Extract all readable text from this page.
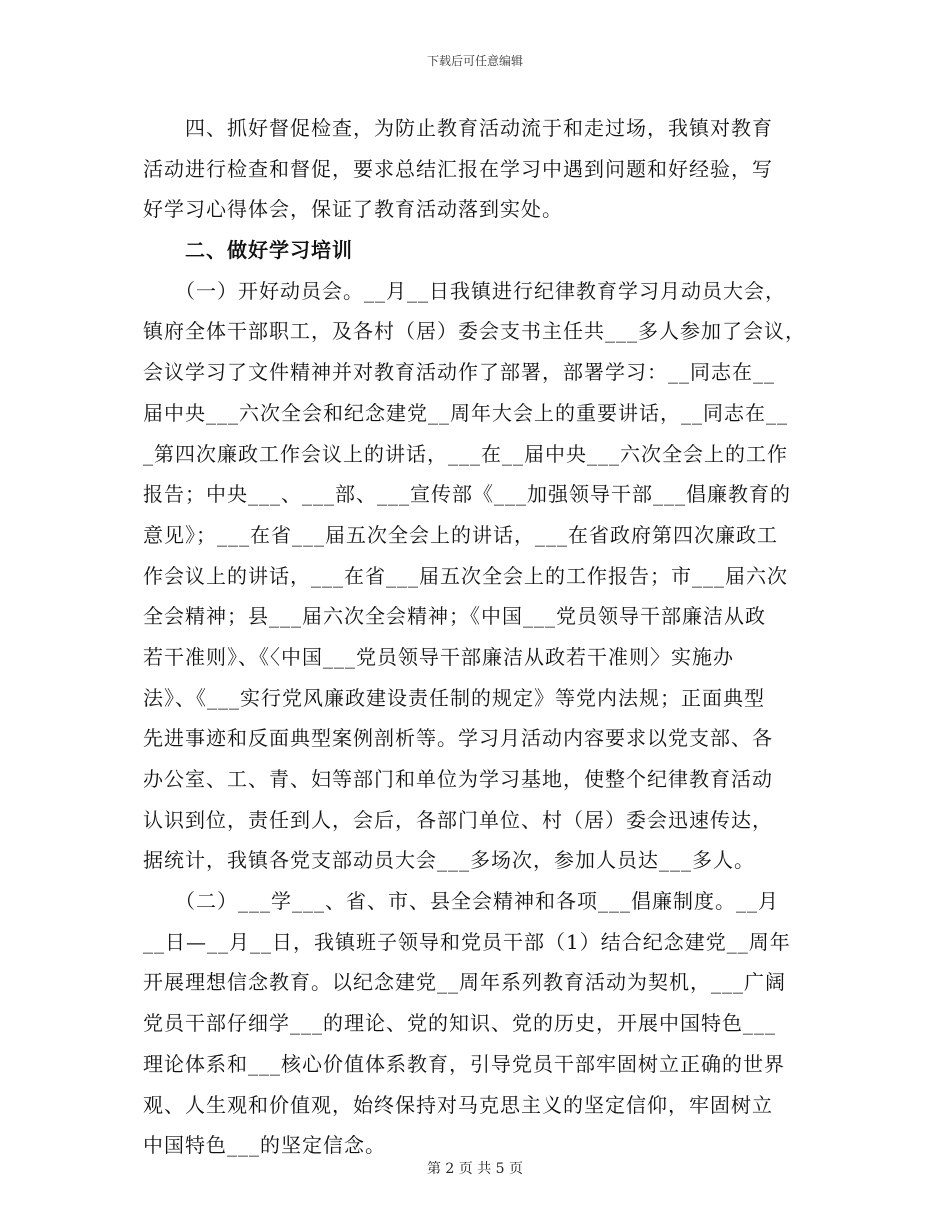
下载后可任意编辑
　　四、抓好督促检查，为防止教育活动流于和走过场，我镇对教育
活动进行检查和督促，要求总结汇报在学习中遇到问题和好经验，写
好学习心得体会，保证了教育活动落到实处。
　　二、做好学习培训
　　（一）开好动员会。__月__日我镇进行纪律教育学习月动员大会，
镇府全体干部职工，及各村（居）委会支书主任共___多人参加了会议，
会议学习了文件精神并对教育活动作了部署，部署学习：__同志在__
届中央___六次全会和纪念建党__周年大会上的重要讲话，__同志在__
_第四次廉政工作会议上的讲话，___在__届中央___六次全会上的工作
报告；中央___、___部、___宣传部《___加强领导干部___倡廉教育的
意见》；___在省___届五次全会上的讲话，___在省政府第四次廉政工
作会议上的讲话，___在省___届五次全会上的工作报告；市___届六次
全会精神；县___届六次全会精神；《中国___党员领导干部廉洁从政
若干准则》、《〈中国___党员领导干部廉洁从政若干准则〉实施办
法》、《___实行党风廉政建设责任制的规定》等党内法规；正面典型
先进事迹和反面典型案例剖析等。学习月活动内容要求以党支部、各
办公室、工、青、妇等部门和单位为学习基地，使整个纪律教育活动
认识到位，责任到人，会后，各部门单位、村（居）委会迅速传达，
据统计，我镇各党支部动员大会___多场次，参加人员达___多人。
　　（二）___学___、省、市、县全会精神和各项___倡廉制度。__月
__日—__月__日，我镇班子领导和党员干部（1）结合纪念建党__周年
开展理想信念教育。以纪念建党__周年系列教育活动为契机，___广阔
党员干部仔细学___的理论、党的知识、党的历史，开展中国特色___
理论体系和___核心价值体系教育，引导党员干部牢固树立正确的世界
观、人生观和价值观，始终保持对马克思主义的坚定信仰，牢固树立
中国特色___的坚定信念。
第 2 页 共 5 页
